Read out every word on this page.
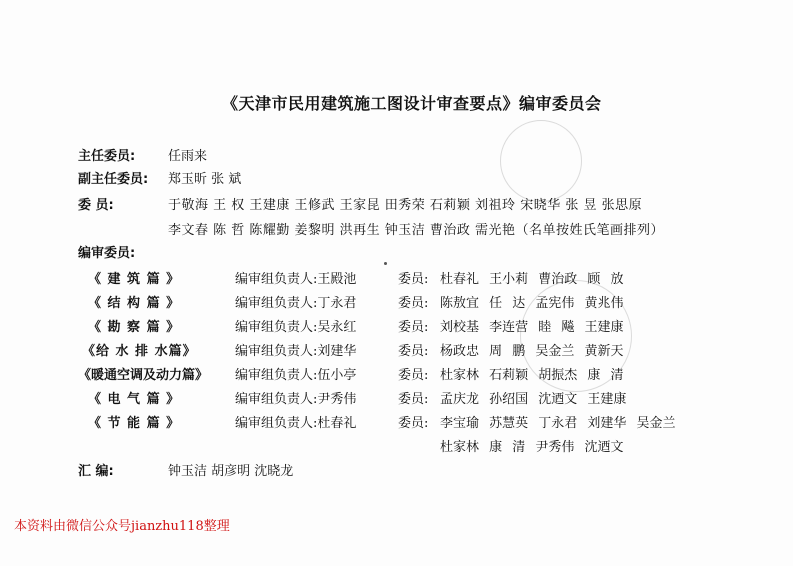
《天津市民用建筑施工图设计审查要点》编审委员会
主任委员:	任雨来
副主任委员: 郑玉昕 张 斌
委 员:	于敬海 王 权 王建康 王修武 王家昆 田秀荣 石莉颖 刘祖玲 宋晓华 张 昱 张思原
李文春 陈 哲 陈耀勤 姜黎明 洪再生 钟玉洁 曹治政 需光艳（名单按姓氏笔画排列）
编审委员:
《 建 筑 篇 》	编审组负责人:王殿池	委员: 杜春礼 王小莉 曹治政 顾 放
《 结 构 篇 》	编审组负责人:丁永君	委员: 陈敖宜 任 达 孟宪伟 黄兆伟
《 勘 察 篇 》	编审组负责人:吴永红	委员: 刘校基 李连营 睦 飚 王建康
《给 水 排 水篇》	编审组负责人:刘建华	委员: 杨政忠 周 鹏 吴金兰 黄新天
《暖通空调及动力篇》 编审组负责人:伍小亭	委员: 杜家林 石莉颖 胡振杰 康 清
《 电 气 篇 》	编审组负责人:尹秀伟	委员: 孟庆龙 孙绍国 沈迺文 王建康
《 节 能 篇 》	编审组负责人:杜春礼	委员: 李宝瑜 苏慧英 丁永君 刘建华 吴金兰
杜家林 康 清 尹秀伟 沈迺文
汇 编:	钟玉洁 胡彦明 沈晓龙
本资料由微信公众号jianzhu118整理
